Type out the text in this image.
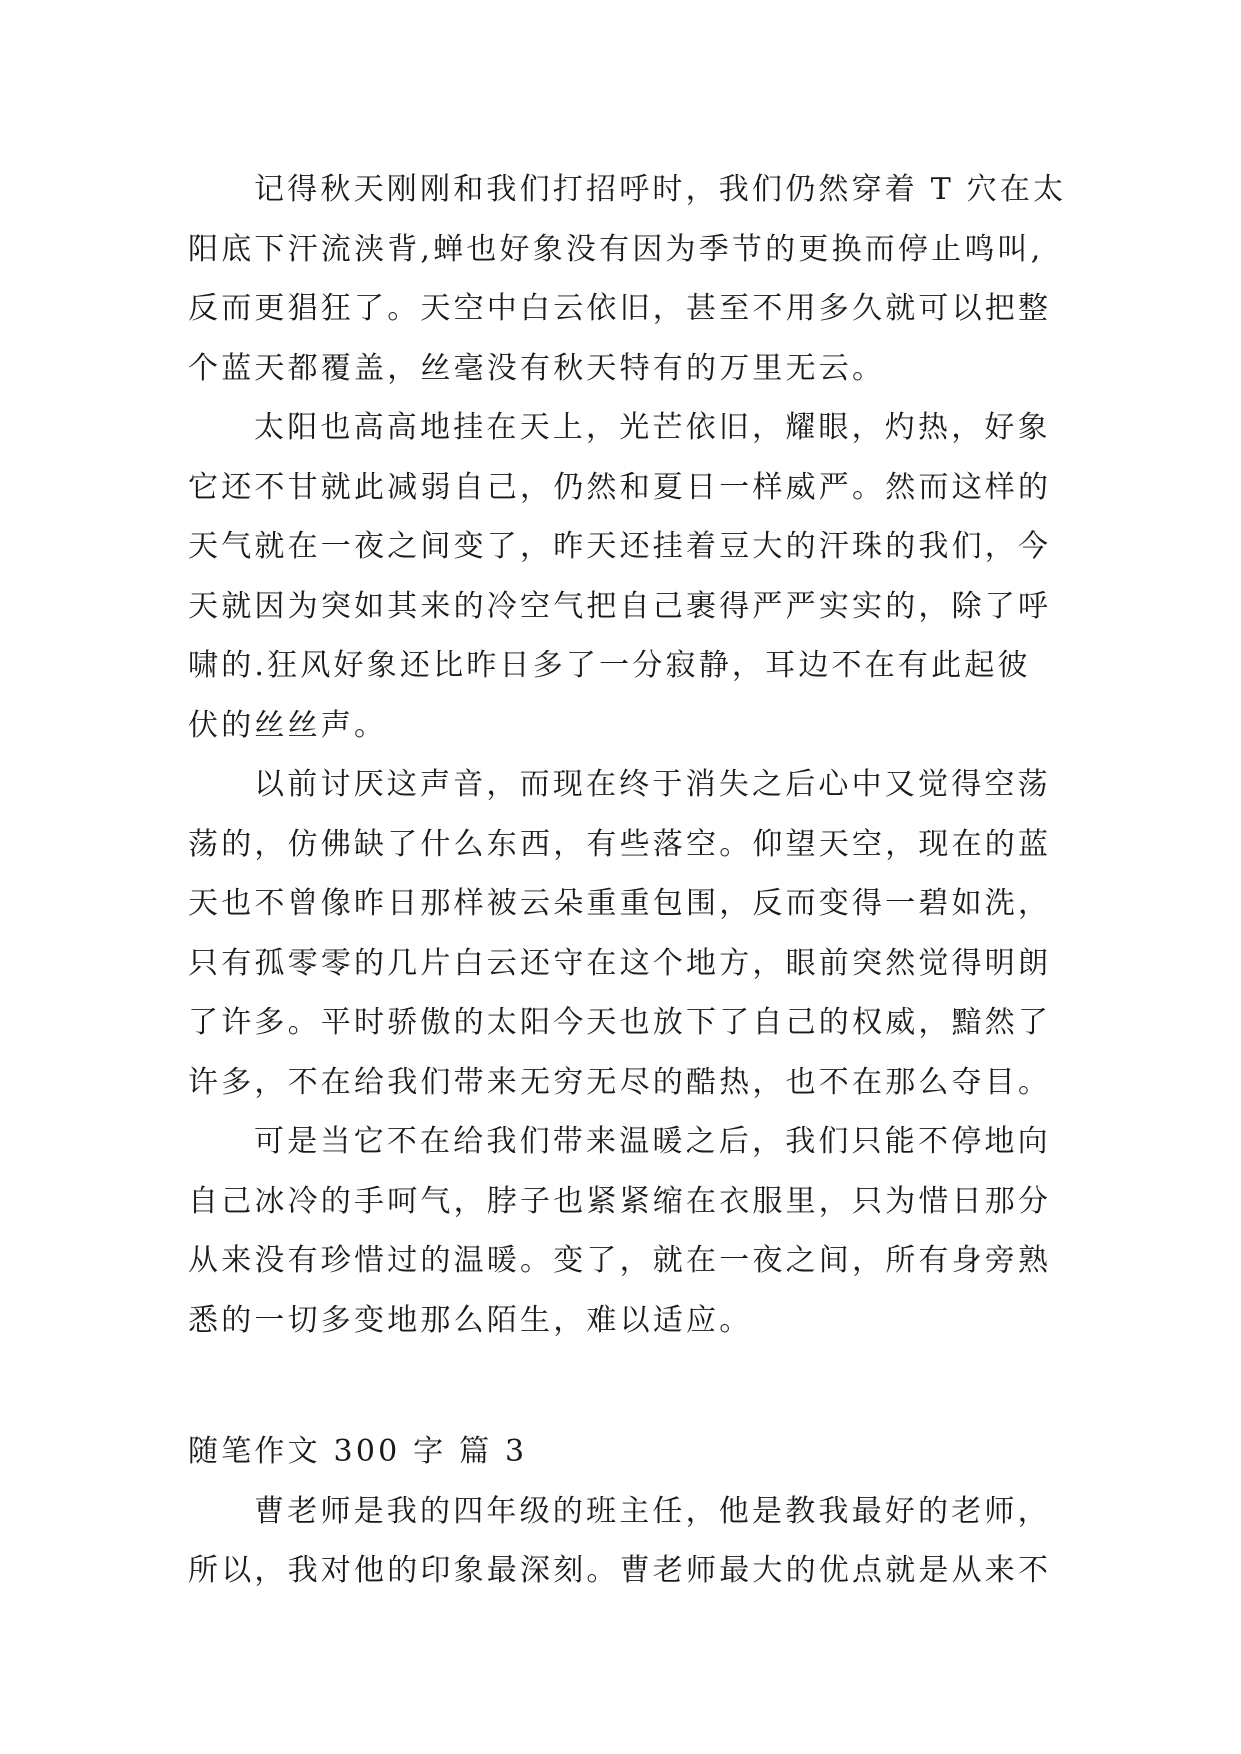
记得秋天刚刚和我们打招呼时，我们仍然穿着 T 穴在太
阳底下汗流浃背,蝉也好象没有因为季节的更换而停止鸣叫,
反而更猖狂了。天空中白云依旧，甚至不用多久就可以把整
个蓝天都覆盖，丝毫没有秋天特有的万里无云。
太阳也高高地挂在天上，光芒依旧，耀眼，灼热，好象
它还不甘就此减弱自己，仍然和夏日一样威严。然而这样的
天气就在一夜之间变了，昨天还挂着豆大的汗珠的我们，今
天就因为突如其来的冷空气把自己裹得严严实实的，除了呼
啸的.狂风好象还比昨日多了一分寂静，耳边不在有此起彼
伏的丝丝声。
以前讨厌这声音，而现在终于消失之后心中又觉得空荡
荡的，仿佛缺了什么东西，有些落空。仰望天空，现在的蓝
天也不曾像昨日那样被云朵重重包围，反而变得一碧如洗，
只有孤零零的几片白云还守在这个地方，眼前突然觉得明朗
了许多。平时骄傲的太阳今天也放下了自己的权威，黯然了
许多，不在给我们带来无穷无尽的酷热，也不在那么夺目。
可是当它不在给我们带来温暖之后，我们只能不停地向
自己冰冷的手呵气，脖子也紧紧缩在衣服里，只为惜日那分
从来没有珍惜过的温暖。变了，就在一夜之间，所有身旁熟
悉的一切多变地那么陌生，难以适应。
随笔作文 300 字 篇 3
曹老师是我的四年级的班主任，他是教我最好的老师，
所以，我对他的印象最深刻。曹老师最大的优点就是从来不
